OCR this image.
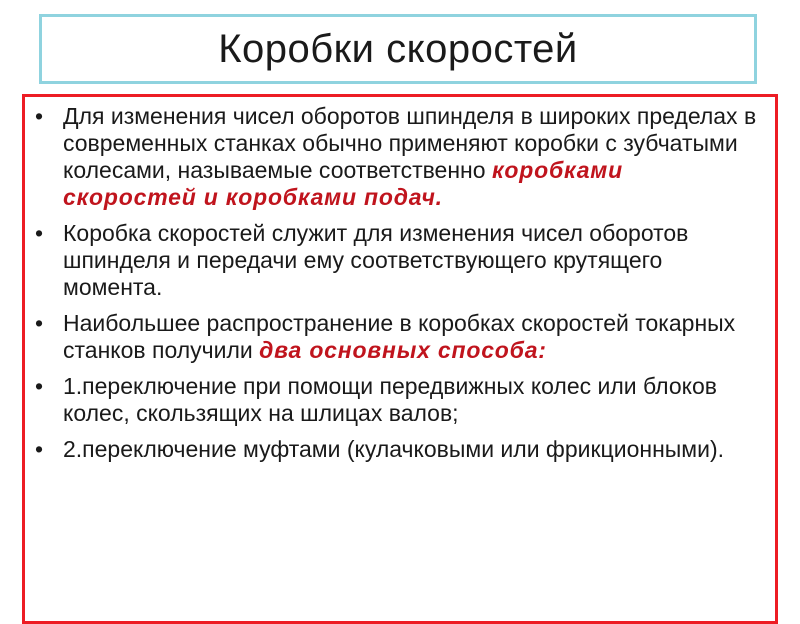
Коробки скоростей
• Для изменения чисел оборотов шпинделя в широких пределах в современных станках обычно применяют коробки с зубчатыми колесами, называемые соответственно коробками скоростей и коробками подач.
• Коробка скоростей служит для изменения чисел оборотов шпинделя и передачи ему соответствующего крутящего момента.
• Наибольшее распространение в коробках скоростей токарных станков получили два основных способа:
• 1.переключение при помощи передвижных колес или блоков колес, скользящих на шлицах валов;
• 2.переключение муфтами (кулачковыми или фрикционными).
